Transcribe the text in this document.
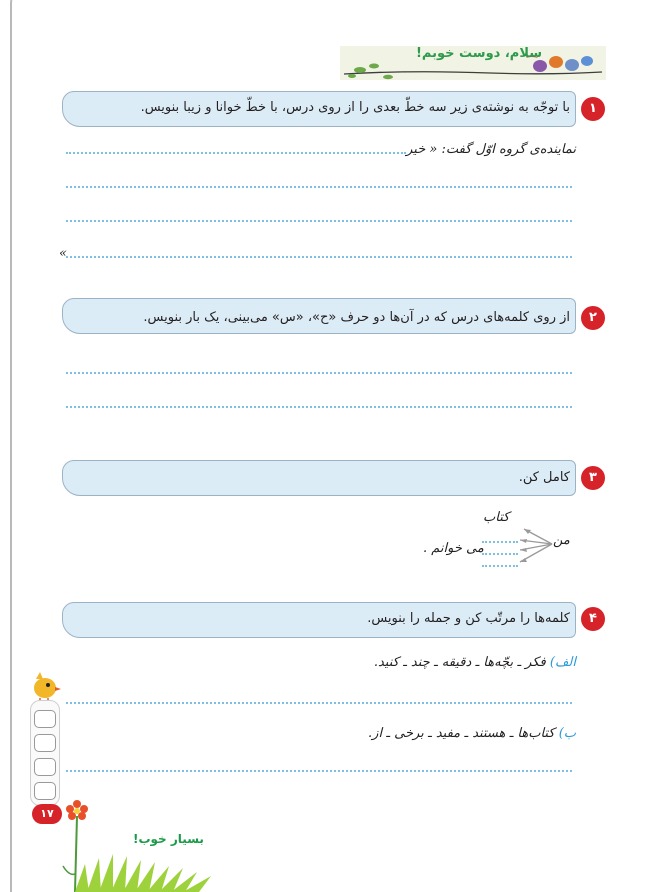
سلام، دوست خوبم!
با توجّه به نوشته‌ی زیر سه خطّ بعدی را از روی درس، با خطّ خوانا و زیبا بنویس.	۱
نماینده‌ی گروه اوّل گفت: « خیر
»
از روی کلمه‌های درس که در آن‌ها دو حرف «ح»، «س» می‌بینی، یک بار بنویس.	۲
کامل کن.	۳
کتاب
من
می خوانم .
کلمه‌ها را مرتّب کن و جمله را بنویس.	۴
الف) فکر ـ بچّه‌ها ـ دقیقه ـ چند ـ کنید.
ب) کتاب‌ها ـ هستند ـ مفید ـ برخی ـ از.
۱۷
بسیار خوب!
